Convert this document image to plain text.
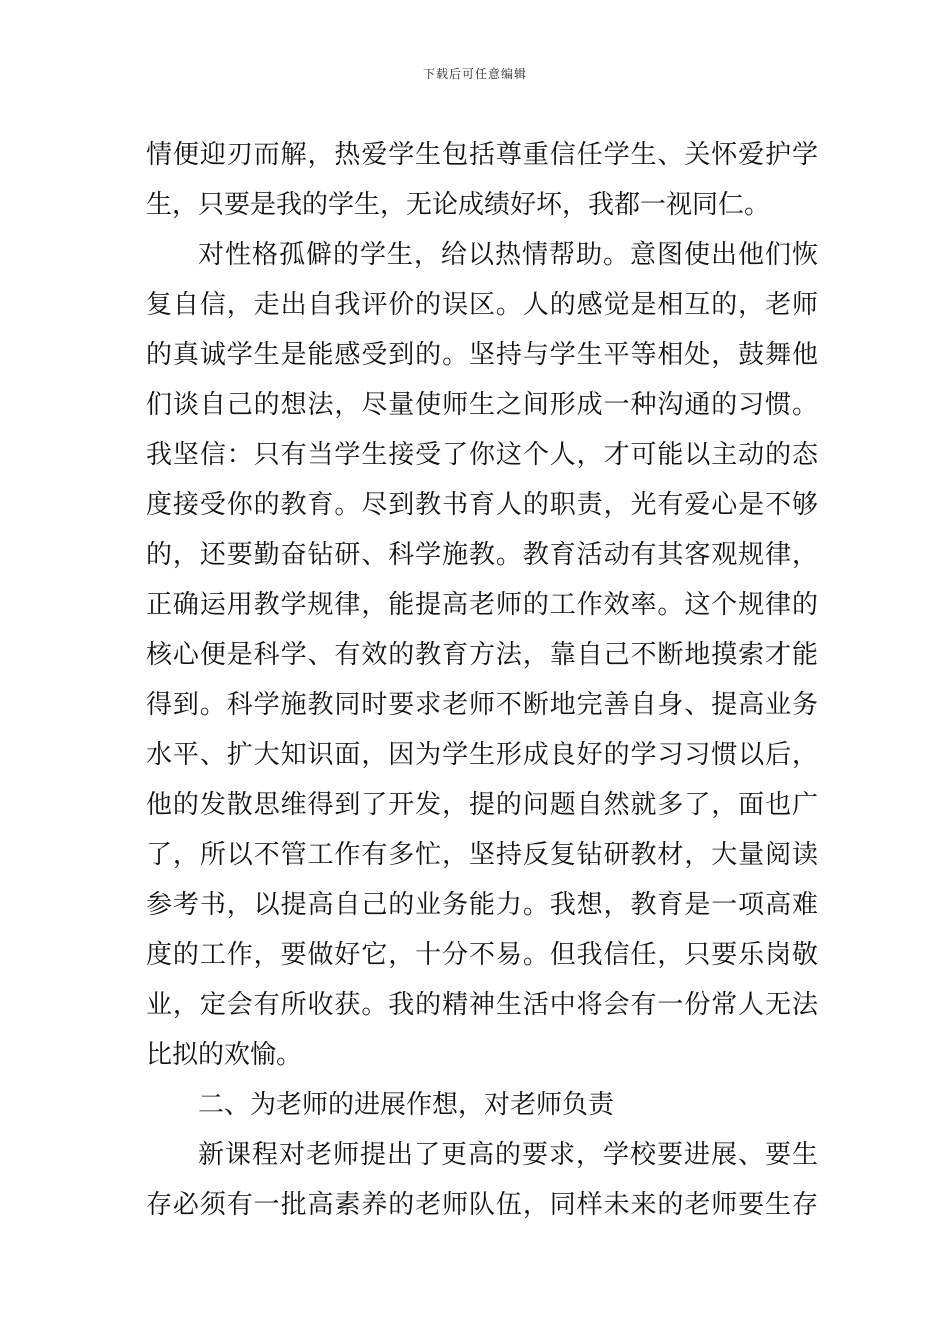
下载后可任意编辑
情便迎刃而解，热爱学生包括尊重信任学生、关怀爱护学
生，只要是我的学生，无论成绩好坏，我都一视同仁。
对性格孤僻的学生，给以热情帮助。意图使出他们恢
复自信，走出自我评价的误区。人的感觉是相互的，老师
的真诚学生是能感受到的。坚持与学生平等相处，鼓舞他
们谈自己的想法，尽量使师生之间形成一种沟通的习惯。
我坚信：只有当学生接受了你这个人，才可能以主动的态
度接受你的教育。尽到教书育人的职责，光有爱心是不够
的，还要勤奋钻研、科学施教。教育活动有其客观规律，
正确运用教学规律，能提高老师的工作效率。这个规律的
核心便是科学、有效的教育方法，靠自己不断地摸索才能
得到。科学施教同时要求老师不断地完善自身、提高业务
水平、扩大知识面，因为学生形成良好的学习习惯以后，
他的发散思维得到了开发，提的问题自然就多了，面也广
了，所以不管工作有多忙，坚持反复钻研教材，大量阅读
参考书，以提高自己的业务能力。我想，教育是一项高难
度的工作，要做好它，十分不易。但我信任，只要乐岗敬
业，定会有所收获。我的精神生活中将会有一份常人无法
比拟的欢愉。
二、为老师的进展作想，对老师负责
新课程对老师提出了更高的要求，学校要进展、要生
存必须有一批高素养的老师队伍，同样未来的老师要生存
